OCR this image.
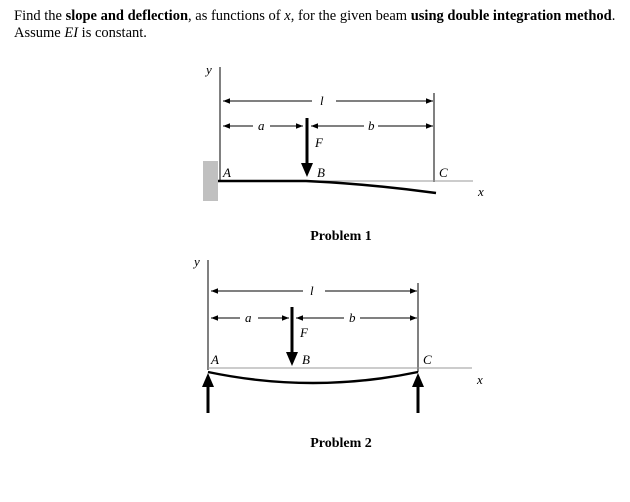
Find the slope and deflection, as functions of x, for the given beam using double integration method.
Assume EI is constant.
y
l
a	b
F
x
A	B	C
Problem 1
y
l
a	b
F
x
A	B	C
Problem 2
